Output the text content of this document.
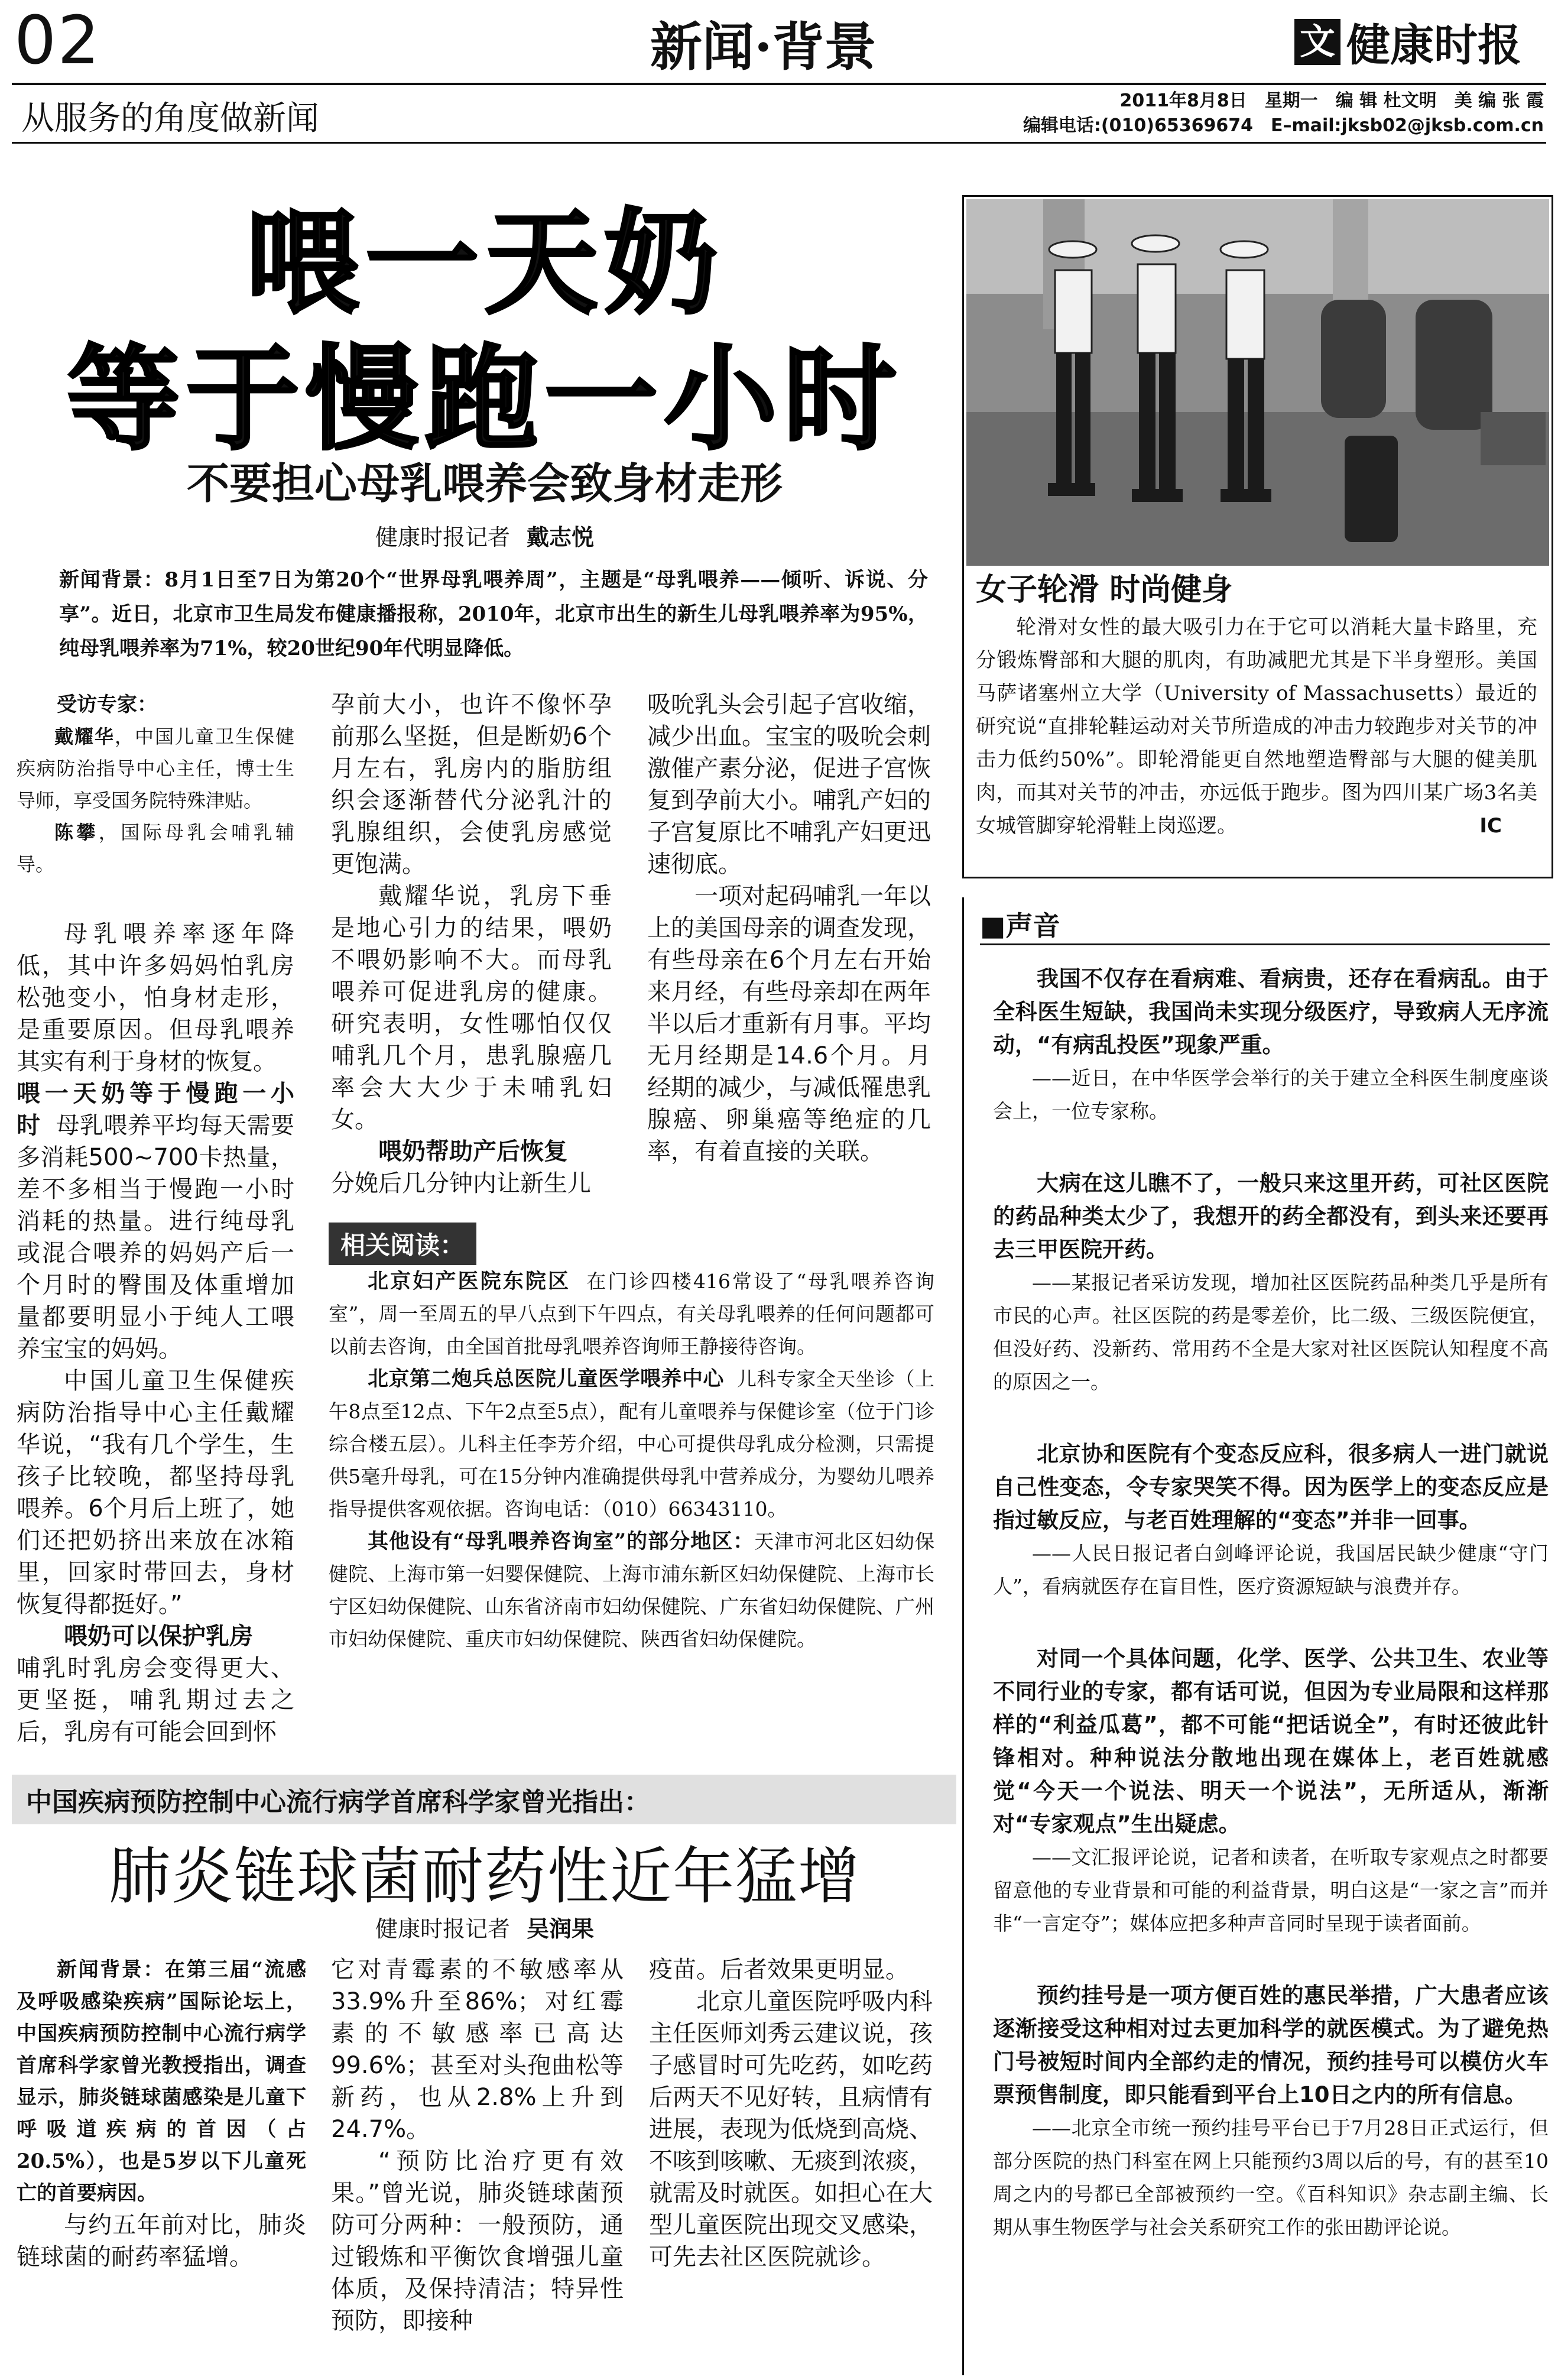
02	新闻·背景	文 健康时报
从服务的角度做新闻	2011年8月8日　星期一　编 辑 杜文明　美 编 张 霞
编辑电话:(010)65369674　E–mail:jksb02@jksb.com.cn
喂一天奶
等于慢跑一小时
不要担心母乳喂养会致身材走形
健康时报记者 戴志悦

新闻背景：8月1日至7日为第20个“世界母乳喂养周”，主题是“母乳喂养——倾听、诉说、分享”。近日，北京市卫生局发布健康播报称，2010年，北京市出生的新生儿母乳喂养率为95%，纯母乳喂养率为71%，较20世纪90年代明显降低。

受访专家：

戴耀华，中国儿童卫生保健疾病防治指导中心主任，博士生导师，享受国务院特殊津贴。

陈攀，国际母乳会哺乳辅导。

母乳喂养率逐年降低，其中许多妈妈怕乳房松弛变小，怕身材走形，是重要原因。但母乳喂养其实有利于身材的恢复。

喂一天奶等于慢跑一小时 母乳喂养平均每天需要多消耗500~700卡热量，差不多相当于慢跑一小时消耗的热量。进行纯母乳或混合喂养的妈妈产后一个月时的臀围及体重增加量都要明显小于纯人工喂养宝宝的妈妈。

中国儿童卫生保健疾病防治指导中心主任戴耀华说，“我有几个学生，生孩子比较晚，都坚持母乳喂养。6个月后上班了，她们还把奶挤出来放在冰箱里，回家时带回去，身材恢复得都挺好。”

喂奶可以保护乳房
哺乳时乳房会变得更大、更坚挺，哺乳期过去之后，乳房有可能会回到怀

孕前大小，也许不像怀孕前那么坚挺，但是断奶6个月左右，乳房内的脂肪组织会逐渐替代分泌乳汁的乳腺组织，会使乳房感觉更饱满。

戴耀华说，乳房下垂是地心引力的结果，喂奶不喂奶影响不大。而母乳喂养可促进乳房的健康。研究表明，女性哪怕仅仅哺乳几个月，患乳腺癌几率会大大少于未哺乳妇女。

喂奶帮助产后恢复
分娩后几分钟内让新生儿

吸吮乳头会引起子宫收缩，减少出血。宝宝的吸吮会刺激催产素分泌，促进子宫恢复到孕前大小。哺乳产妇的子宫复原比不哺乳产妇更迅速彻底。

一项对起码哺乳一年以上的美国母亲的调查发现，有些母亲在6个月左右开始来月经，有些母亲却在两年半以后才重新有月事。平均无月经期是14.6个月。月经期的减少，与减低罹患乳腺癌、卵巢癌等绝症的几率，有着直接的关联。

相关阅读：

北京妇产医院东院区 在门诊四楼416常设了“母乳喂养咨询室”，周一至周五的早八点到下午四点，有关母乳喂养的任何问题都可以前去咨询，由全国首批母乳喂养咨询师王静接待咨询。

北京第二炮兵总医院儿童医学喂养中心 儿科专家全天坐诊（上午8点至12点、下午2点至5点），配有儿童喂养与保健诊室（位于门诊综合楼五层）。儿科主任李芳介绍，中心可提供母乳成分检测，只需提供5毫升母乳，可在15分钟内准确提供母乳中营养成分，为婴幼儿喂养指导提供客观依据。咨询电话：（010）66343110。

其他设有“母乳喂养咨询室”的部分地区：天津市河北区妇幼保健院、上海市第一妇婴保健院、上海市浦东新区妇幼保健院、上海市长宁区妇幼保健院、山东省济南市妇幼保健院、广东省妇幼保健院、广州市妇幼保健院、重庆市妇幼保健院、陕西省妇幼保健院。

中国疾病预防控制中心流行病学首席科学家曾光指出：
肺炎链球菌耐药性近年猛增
健康时报记者 吴润果

新闻背景：在第三届“流感及呼吸感染疾病”国际论坛上，中国疾病预防控制中心流行病学首席科学家曾光教授指出，调查显示，肺炎链球菌感染是儿童下呼吸道疾病的首因（占20.5%），也是5岁以下儿童死亡的首要病因。

与约五年前对比，肺炎链球菌的耐药率猛增。

它对青霉素的不敏感率从33.9%升至86%；对红霉素的不敏感率已高达99.6%；甚至对头孢曲松等新药，也从2.8%上升到24.7%。

“预防比治疗更有效果。”曾光说，肺炎链球菌预防可分两种：一般预防，通过锻炼和平衡饮食增强儿童体质，及保持清洁；特异性预防，即接种

疫苗。后者效果更明显。

北京儿童医院呼吸内科主任医师刘秀云建议说，孩子感冒时可先吃药，如吃药后两天不见好转，且病情有进展，表现为低烧到高烧、不咳到咳嗽、无痰到浓痰，就需及时就医。如担心在大型儿童医院出现交叉感染，可先去社区医院就诊。

女子轮滑 时尚健身

轮滑对女性的最大吸引力在于它可以消耗大量卡路里，充分锻炼臀部和大腿的肌肉，有助减肥尤其是下半身塑形。美国马萨诸塞州立大学（University of Massachusetts）最近的研究说“直排轮鞋运动对关节所造成的冲击力较跑步对关节的冲击力低约50%”。即轮滑能更自然地塑造臀部与大腿的健美肌肉，而其对关节的冲击，亦远低于跑步。图为四川某广场3名美女城管脚穿轮滑鞋上岗巡逻。	IC

■声音

我国不仅存在看病难、看病贵，还存在看病乱。由于全科医生短缺，我国尚未实现分级医疗，导致病人无序流动，“有病乱投医”现象严重。

——近日，在中华医学会举行的关于建立全科医生制度座谈会上，一位专家称。

大病在这儿瞧不了，一般只来这里开药，可社区医院的药品种类太少了，我想开的药全都没有，到头来还要再去三甲医院开药。

——某报记者采访发现，增加社区医院药品种类几乎是所有市民的心声。社区医院的药是零差价，比二级、三级医院便宜，但没好药、没新药、常用药不全是大家对社区医院认知程度不高的原因之一。

北京协和医院有个变态反应科，很多病人一进门就说自己性变态，令专家哭笑不得。因为医学上的变态反应是指过敏反应，与老百姓理解的“变态”并非一回事。

——人民日报记者白剑峰评论说，我国居民缺少健康“守门人”，看病就医存在盲目性，医疗资源短缺与浪费并存。

对同一个具体问题，化学、医学、公共卫生、农业等不同行业的专家，都有话可说，但因为专业局限和这样那样的“利益瓜葛”，都不可能“把话说全”，有时还彼此针锋相对。种种说法分散地出现在媒体上，老百姓就感觉“今天一个说法、明天一个说法”，无所适从，渐渐对“专家观点”生出疑虑。

——文汇报评论说，记者和读者，在听取专家观点之时都要留意他的专业背景和可能的利益背景，明白这是“一家之言”而并非“一言定夺”；媒体应把多种声音同时呈现于读者面前。

预约挂号是一项方便百姓的惠民举措，广大患者应该逐渐接受这种相对过去更加科学的就医模式。为了避免热门号被短时间内全部约走的情况，预约挂号可以模仿火车票预售制度，即只能看到平台上10日之内的所有信息。

——北京全市统一预约挂号平台已于7月28日正式运行，但部分医院的热门科室在网上只能预约3周以后的号，有的甚至10周之内的号都已全部被预约一空。《百科知识》杂志副主编、长期从事生物医学与社会关系研究工作的张田勘评论说。
